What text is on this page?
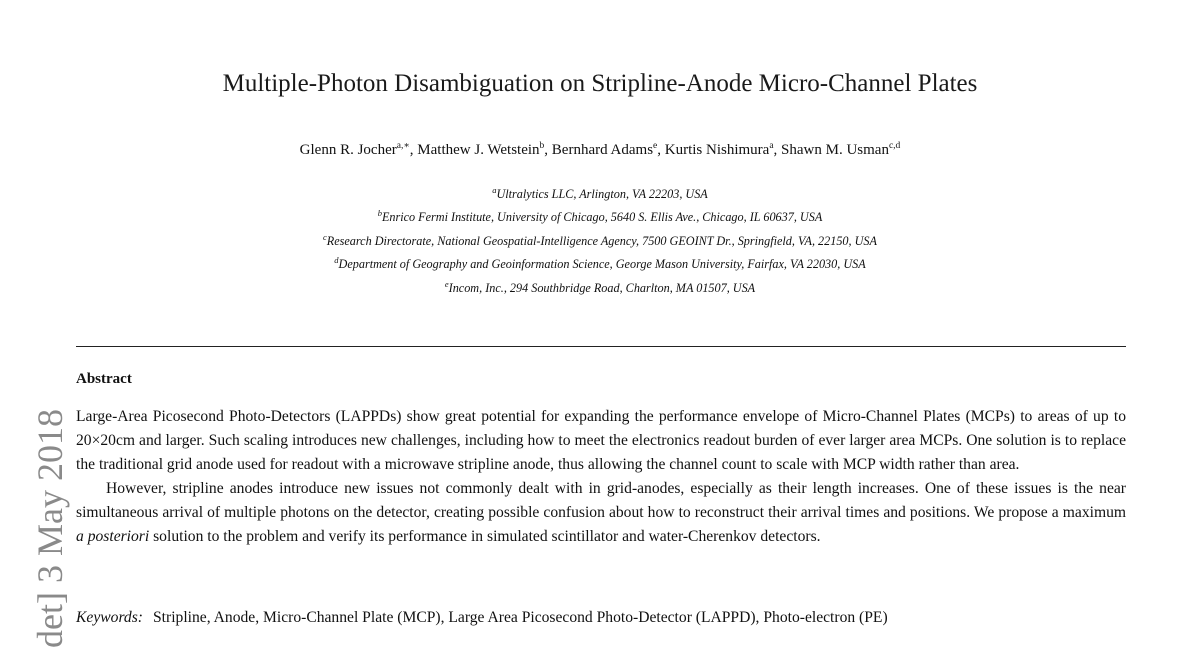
Multiple-Photon Disambiguation on Stripline-Anode Micro-Channel Plates
Glenn R. Jocher$^{a,∗}$, Matthew J. Wetstein$^b$, Bernhard Adams$^e$, Kurtis Nishimura$^a$, Shawn M. Usman$^{c,d}$
$^a$Ultralytics LLC, Arlington, VA 22203, USA
$^b$Enrico Fermi Institute, University of Chicago, 5640 S. Ellis Ave., Chicago, IL 60637, USA
$^c$Research Directorate, National Geospatial-Intelligence Agency, 7500 GEOINT Dr., Springfield, VA, 22150, USA
$^d$Department of Geography and Geoinformation Science, George Mason University, Fairfax, VA 22030, USA
$^e$Incom, Inc., 294 Southbridge Road, Charlton, MA 01507, USA
Abstract

Large-Area Picosecond Photo-Detectors (LAPPDs) show great potential for expanding the performance envelope of Micro-Channel Plates (MCPs) to areas of up to 20×20cm and larger. Such scaling introduces new challenges, including how to meet the electronics readout burden of ever larger area MCPs. One solution is to replace the traditional grid anode used for readout with a microwave stripline anode, thus allowing the channel count to scale with MCP width rather than area.

However, stripline anodes introduce new issues not commonly dealt with in grid-anodes, especially as their length increases. One of these issues is the near simultaneous arrival of multiple photons on the detector, creating possible confusion about how to reconstruct their arrival times and positions. We propose a maximum a posteriori solution to the problem and verify its performance in simulated scintillator and water-Cherenkov detectors.

Keywords: Stripline, Anode, Micro-Channel Plate (MCP), Large Area Picosecond Photo-Detector (LAPPD), Photo-electron (PE)
det] 3 May 2018
